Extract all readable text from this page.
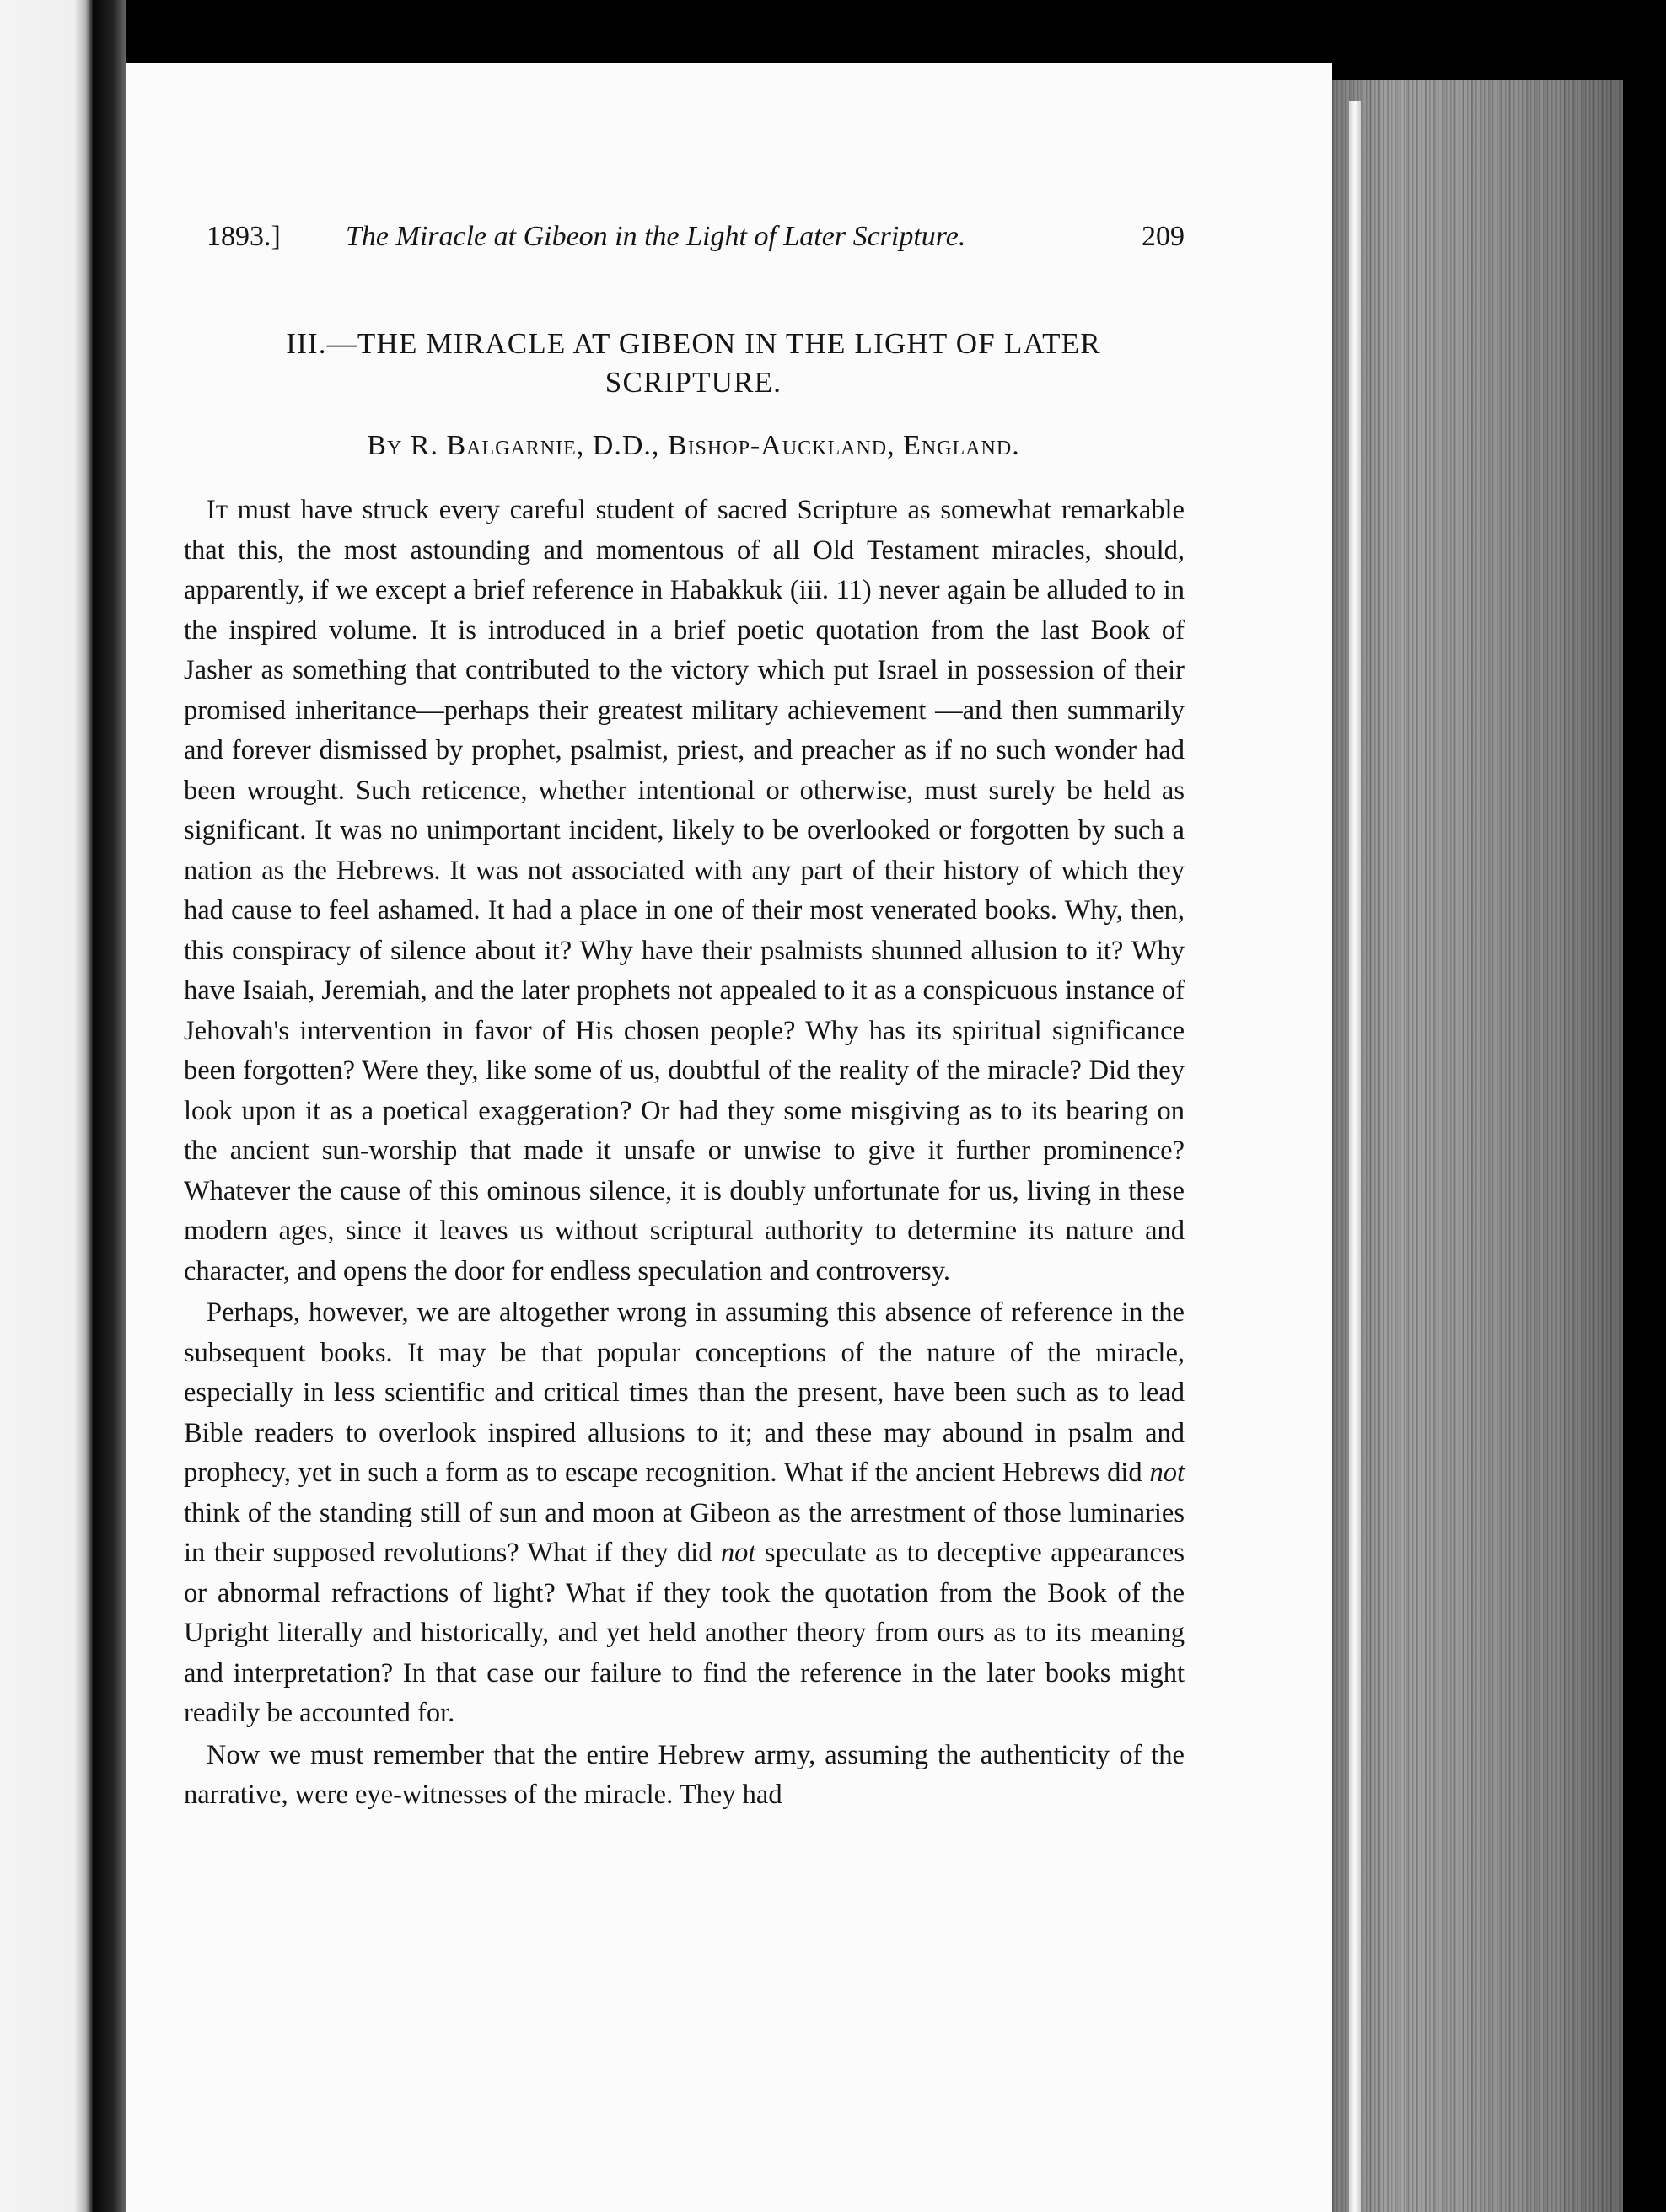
1893.] The Miracle at Gibeon in the Light of Later Scripture.	209
III.—THE MIRACLE AT GIBEON IN THE LIGHT OF LATER SCRIPTURE.
By R. Balgarnie, D.D., Bishop-Auckland, England.

It must have struck every careful student of sacred Scripture as somewhat remarkable that this, the most astounding and momentous of all Old Testament miracles, should, apparently, if we except a brief reference in Habakkuk (iii. 11) never again be alluded to in the inspired volume. It is introduced in a brief poetic quotation from the last Book of Jasher as something that contributed to the victory which put Israel in possession of their promised inheritance—perhaps their greatest military achievement —and then summarily and forever dismissed by prophet, psalmist, priest, and preacher as if no such wonder had been wrought. Such reticence, whether intentional or otherwise, must surely be held as significant. It was no unimportant incident, likely to be overlooked or forgotten by such a nation as the Hebrews. It was not associated with any part of their history of which they had cause to feel ashamed. It had a place in one of their most venerated books. Why, then, this conspiracy of silence about it? Why have their psalmists shunned allusion to it? Why have Isaiah, Jeremiah, and the later prophets not appealed to it as a conspicuous instance of Jehovah's intervention in favor of His chosen people? Why has its spiritual significance been forgotten? Were they, like some of us, doubtful of the reality of the miracle? Did they look upon it as a poetical exaggeration? Or had they some misgiving as to its bearing on the ancient sun-worship that made it unsafe or unwise to give it further prominence? Whatever the cause of this ominous silence, it is doubly unfortunate for us, living in these modern ages, since it leaves us without scriptural authority to determine its nature and character, and opens the door for endless speculation and controversy.

Perhaps, however, we are altogether wrong in assuming this absence of reference in the subsequent books. It may be that popular conceptions of the nature of the miracle, especially in less scientific and critical times than the present, have been such as to lead Bible readers to overlook inspired allusions to it; and these may abound in psalm and prophecy, yet in such a form as to escape recognition. What if the ancient Hebrews did not think of the standing still of sun and moon at Gibeon as the arrestment of those luminaries in their supposed revolutions? What if they did not speculate as to deceptive appearances or abnormal refractions of light? What if they took the quotation from the Book of the Upright literally and historically, and yet held another theory from ours as to its meaning and interpretation? In that case our failure to find the reference in the later books might readily be accounted for.

Now we must remember that the entire Hebrew army, assuming the authenticity of the narrative, were eye-witnesses of the miracle. They had
